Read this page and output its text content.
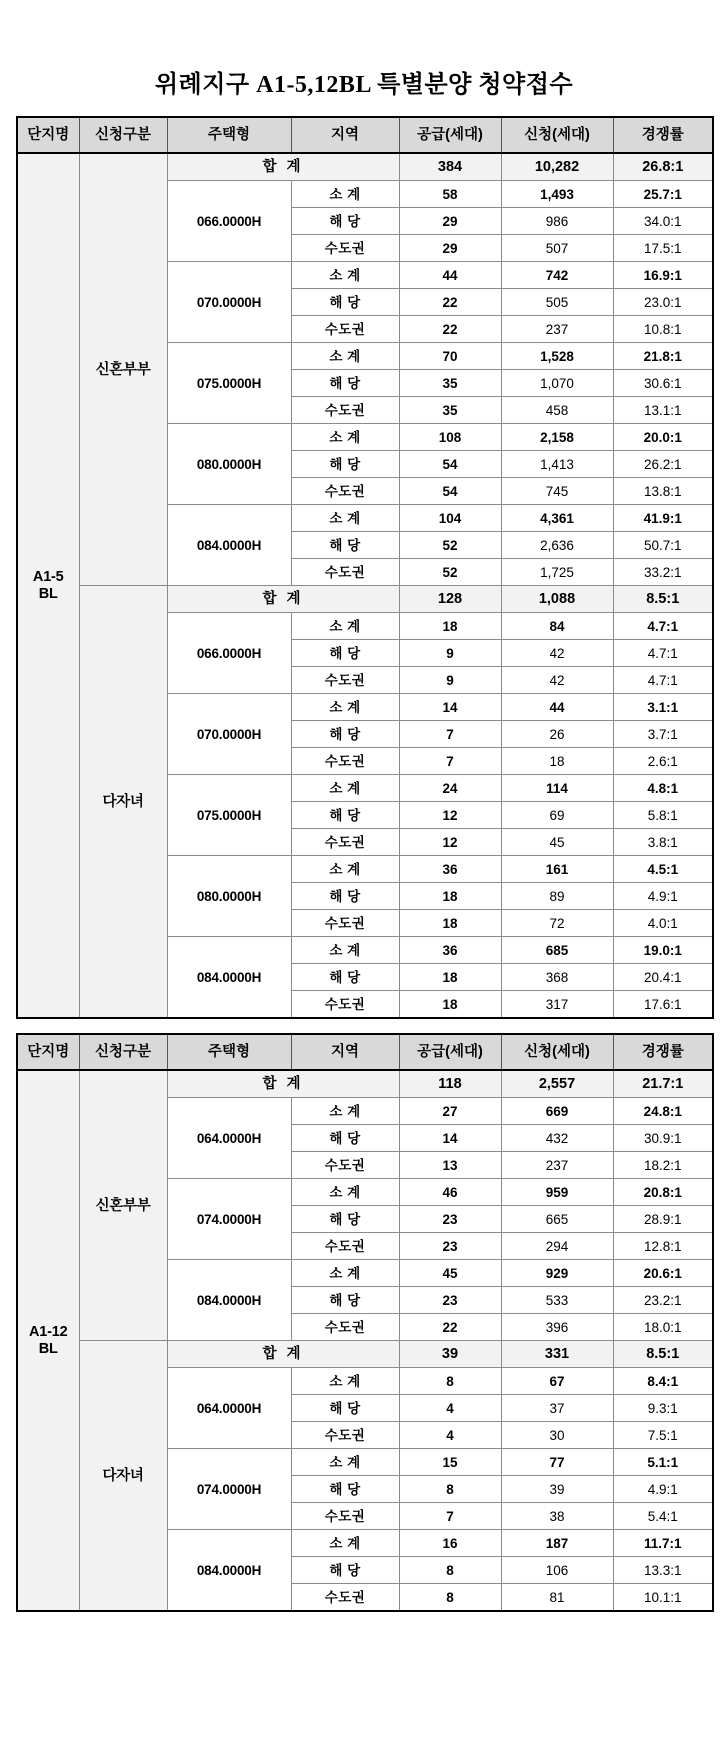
위례지구 A1-5,12BL 특별분양 청약접수
단지명	신청구분	주택형	지역	공급(세대)	신청(세대)	경쟁률
A1-5
BL	신혼부부	합 계		384	10,282	26.8:1
		066.0000H	소 계	58	1,493	25.7:1
			해 당	29	986	34.0:1
			수도권	29	507	17.5:1
		070.0000H	소 계	44	742	16.9:1
			해 당	22	505	23.0:1
			수도권	22	237	10.8:1
		075.0000H	소 계	70	1,528	21.8:1
			해 당	35	1,070	30.6:1
			수도권	35	458	13.1:1
		080.0000H	소 계	108	2,158	20.0:1
			해 당	54	1,413	26.2:1
			수도권	54	745	13.8:1
		084.0000H	소 계	104	4,361	41.9:1
			해 당	52	2,636	50.7:1
			수도권	52	1,725	33.2:1
	다자녀	합 계		128	1,088	8.5:1
		066.0000H	소 계	18	84	4.7:1
			해 당	9	42	4.7:1
			수도권	9	42	4.7:1
		070.0000H	소 계	14	44	3.1:1
			해 당	7	26	3.7:1
			수도권	7	18	2.6:1
		075.0000H	소 계	24	114	4.8:1
			해 당	12	69	5.8:1
			수도권	12	45	3.8:1
		080.0000H	소 계	36	161	4.5:1
			해 당	18	89	4.9:1
			수도권	18	72	4.0:1
		084.0000H	소 계	36	685	19.0:1
			해 당	18	368	20.4:1
			수도권	18	317	17.6:1
단지명	신청구분	주택형	지역	공급(세대)	신청(세대)	경쟁률
A1-12
BL	신혼부부	합 계		118	2,557	21.7:1
		064.0000H	소 계	27	669	24.8:1
			해 당	14	432	30.9:1
			수도권	13	237	18.2:1
		074.0000H	소 계	46	959	20.8:1
			해 당	23	665	28.9:1
			수도권	23	294	12.8:1
		084.0000H	소 계	45	929	20.6:1
			해 당	23	533	23.2:1
			수도권	22	396	18.0:1
	다자녀	합 계		39	331	8.5:1
		064.0000H	소 계	8	67	8.4:1
			해 당	4	37	9.3:1
			수도권	4	30	7.5:1
		074.0000H	소 계	15	77	5.1:1
			해 당	8	39	4.9:1
			수도권	7	38	5.4:1
		084.0000H	소 계	16	187	11.7:1
			해 당	8	106	13.3:1
			수도권	8	81	10.1:1
